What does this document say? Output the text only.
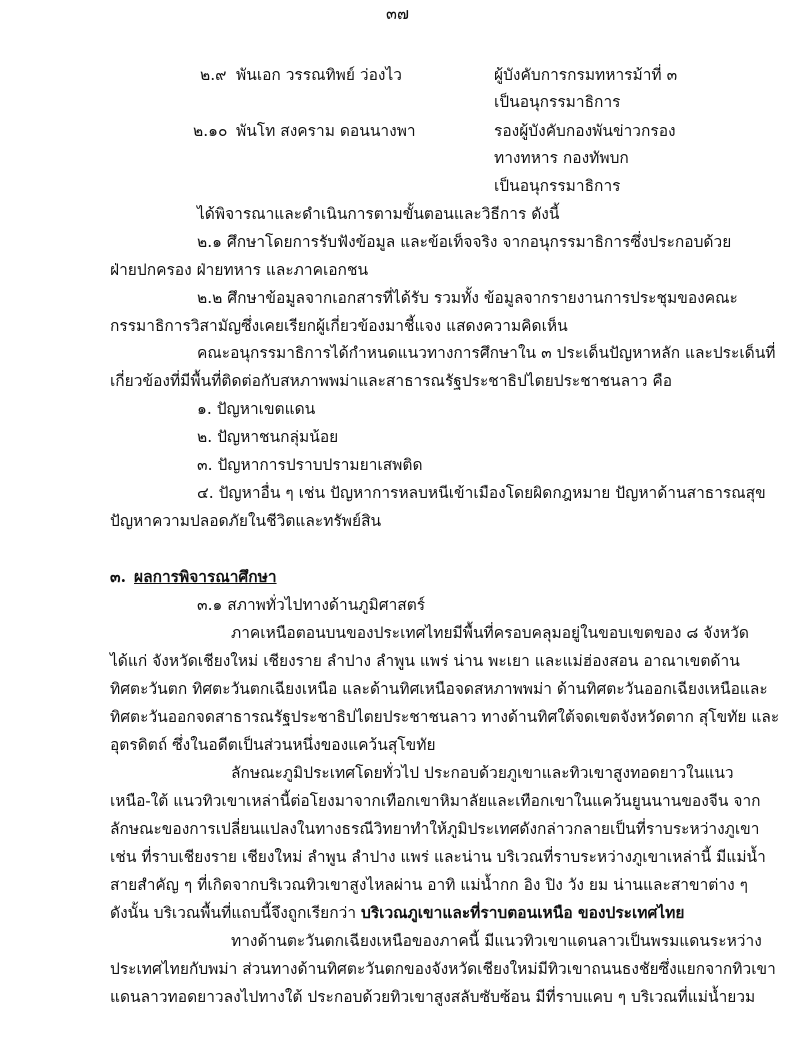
๓๗
๒.๙ พันเอก วรรณทิพย์ ว่องไว	ผู้บังคับการกรมทหารม้าที่ ๓
เป็นอนุกรรมาธิการ
๒.๑๐ พันโท สงคราม ดอนนางพา	รองผู้บังคับกองพันข่าวกรอง
ทางทหาร กองทัพบก
เป็นอนุกรรมาธิการ
ได้พิจารณาและดำเนินการตามขั้นตอนและวิธีการ ดังนี้
๒.๑ ศึกษาโดยการรับฟังข้อมูล และข้อเท็จจริง จากอนุกรรมาธิการซึ่งประกอบด้วย
ฝ่ายปกครอง ฝ่ายทหาร และภาคเอกชน
๒.๒ ศึกษาข้อมูลจากเอกสารที่ได้รับ รวมทั้ง ข้อมูลจากรายงานการประชุมของคณะ
กรรมาธิการวิสามัญซึ่งเคยเรียกผู้เกี่ยวข้องมาชี้แจง แสดงความคิดเห็น
คณะอนุกรรมาธิการได้กำหนดแนวทางการศึกษาใน ๓ ประเด็นปัญหาหลัก และประเด็นที่
เกี่ยวข้องที่มีพื้นที่ติดต่อกับสหภาพพม่าและสาธารณรัฐประชาธิปไตยประชาชนลาว คือ
๑. ปัญหาเขตแดน
๒. ปัญหาชนกลุ่มน้อย
๓. ปัญหาการปราบปรามยาเสพติด
๔. ปัญหาอื่น ๆ เช่น ปัญหาการหลบหนีเข้าเมืองโดยผิดกฎหมาย ปัญหาด้านสาธารณสุข
ปัญหาความปลอดภัยในชีวิตและทรัพย์สิน
๓. ผลการพิจารณาศึกษา
๓.๑ สภาพทั่วไปทางด้านภูมิศาสตร์
ภาคเหนือตอนบนของประเทศไทยมีพื้นที่ครอบคลุมอยู่ในขอบเขตของ ๘ จังหวัด
ได้แก่ จังหวัดเชียงใหม่ เชียงราย ลำปาง ลำพูน แพร่ น่าน พะเยา และแม่ฮ่องสอน อาณาเขตด้าน
ทิศตะวันตก ทิศตะวันตกเฉียงเหนือ และด้านทิศเหนือจดสหภาพพม่า ด้านทิศตะวันออกเฉียงเหนือและ
ทิศตะวันออกจดสาธารณรัฐประชาธิปไตยประชาชนลาว ทางด้านทิศใต้จดเขตจังหวัดตาก สุโขทัย และ
อุตรดิตถ์ ซึ่งในอดีตเป็นส่วนหนึ่งของแคว้นสุโขทัย
ลักษณะภูมิประเทศโดยทั่วไป ประกอบด้วยภูเขาและทิวเขาสูงทอดยาวในแนว
เหนือ-ใต้ แนวทิวเขาเหล่านี้ต่อโยงมาจากเทือกเขาหิมาลัยและเทือกเขาในแคว้นยูนนานของจีน จาก
ลักษณะของการเปลี่ยนแปลงในทางธรณีวิทยาทำให้ภูมิประเทศดังกล่าวกลายเป็นที่ราบระหว่างภูเขา
เช่น ที่ราบเชียงราย เชียงใหม่ ลำพูน ลำปาง แพร่ และน่าน บริเวณที่ราบระหว่างภูเขาเหล่านี้ มีแม่น้ำ
สายสำคัญ ๆ ที่เกิดจากบริเวณทิวเขาสูงไหลผ่าน อาทิ แม่น้ำกก อิง ปิง วัง ยม น่านและสาขาต่าง ๆ
ดังนั้น บริเวณพื้นที่แถบนี้จึงถูกเรียกว่า บริเวณภูเขาและที่ราบตอนเหนือ ของประเทศไทย
ทางด้านตะวันตกเฉียงเหนือของภาคนี้ มีแนวทิวเขาแดนลาวเป็นพรมแดนระหว่าง
ประเทศไทยกับพม่า ส่วนทางด้านทิศตะวันตกของจังหวัดเชียงใหม่มีทิวเขาถนนธงชัยซึ่งแยกจากทิวเขา
แดนลาวทอดยาวลงไปทางใต้ ประกอบด้วยทิวเขาสูงสลับซับซ้อน มีที่ราบแคบ ๆ บริเวณที่แม่น้ำยวม
